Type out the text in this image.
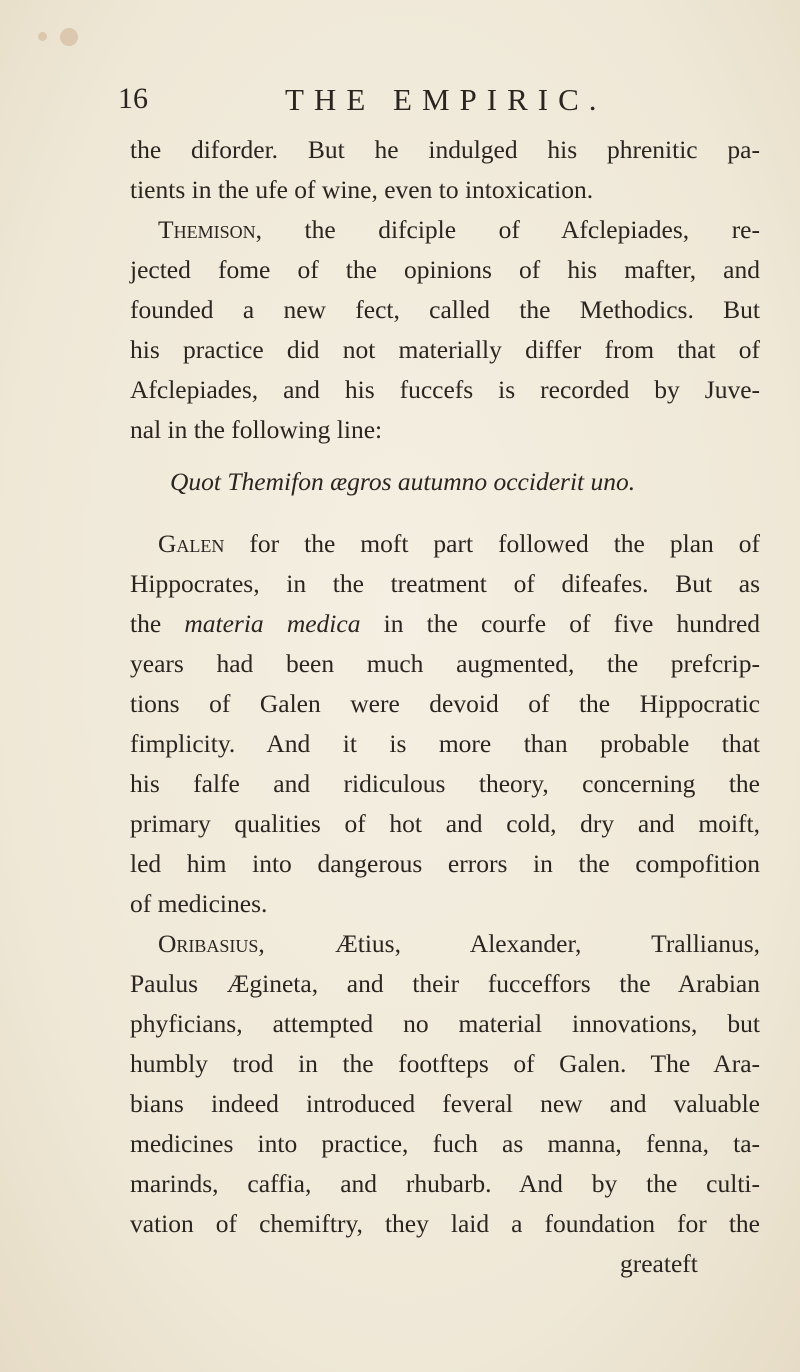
16	THE EMPIRIC.
the diforder. But he indulged his phrenitic pa-
tients in the ufe of wine, even to intoxication.
Themison, the difciple of Afclepiades, re-
jected fome of the opinions of his mafter, and
founded a new fect, called the Methodics. But
his practice did not materially differ from that of
Afclepiades, and his fuccefs is recorded by Juve-
nal in the following line:
Quot Themifon ægros autumno occiderit uno.
Galen for the moft part followed the plan of
Hippocrates, in the treatment of difeafes. But as
the materia medica in the courfe of five hundred
years had been much augmented, the prefcrip-
tions of Galen were devoid of the Hippocratic
fimplicity. And it is more than probable that
his falfe and ridiculous theory, concerning the
primary qualities of hot and cold, dry and moift,
led him into dangerous errors in the compofition
of medicines.
Oribasius, Ætius, Alexander, Trallianus,
Paulus Ægineta, and their fucceffors the Arabian
phyficians, attempted no material innovations, but
humbly trod in the footfteps of Galen. The Ara-
bians indeed introduced feveral new and valuable
medicines into practice, fuch as manna, fenna, ta-
marinds, caffia, and rhubarb. And by the culti-
vation of chemiftry, they laid a foundation for the
greateft
